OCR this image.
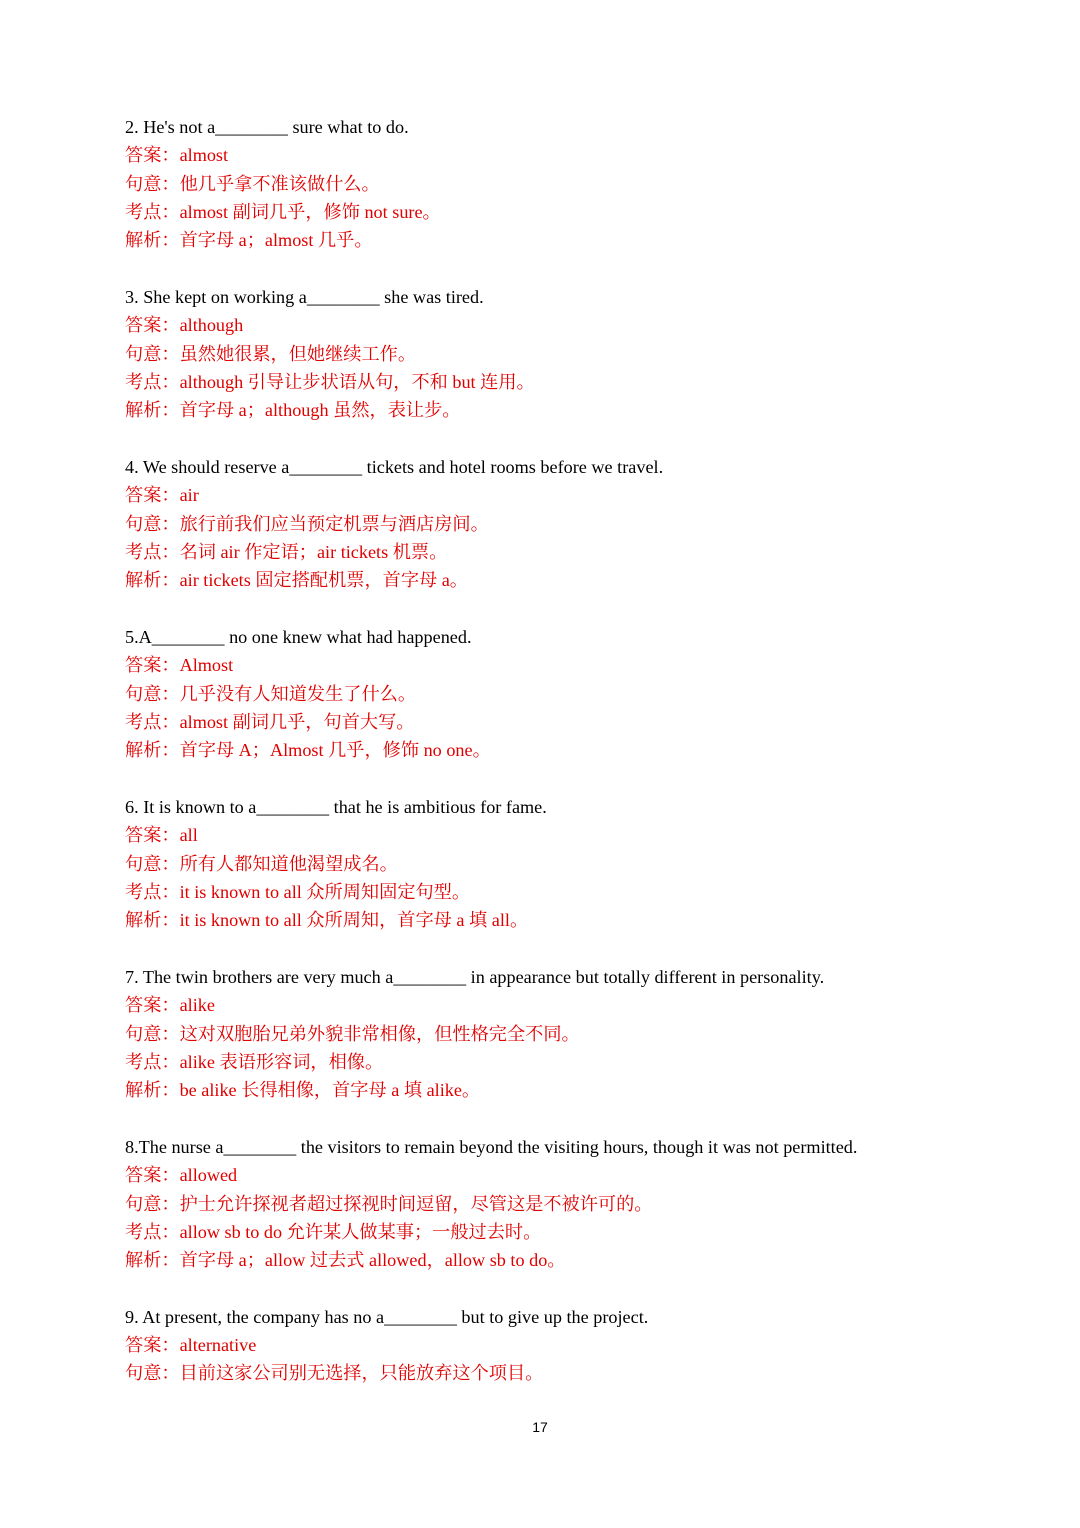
2. He's not a________ sure what to do.
答案：almost
句意：他几乎拿不准该做什么。
考点：almost 副词几乎，修饰 not sure。
解析：首字母 a；almost 几乎。
3. She kept on working a________ she was tired.
答案：although
句意：虽然她很累，但她继续工作。
考点：although 引导让步状语从句，不和 but 连用。
解析：首字母 a；although 虽然，表让步。
4. We should reserve a________ tickets and hotel rooms before we travel.
答案：air
句意：旅行前我们应当预定机票与酒店房间。
考点：名词 air 作定语；air tickets 机票。
解析：air tickets 固定搭配机票，首字母 a。
5.A________ no one knew what had happened.
答案：Almost
句意：几乎没有人知道发生了什么。
考点：almost 副词几乎，句首大写。
解析：首字母 A；Almost 几乎，修饰 no one。
6. It is known to a________ that he is ambitious for fame.
答案：all
句意：所有人都知道他渴望成名。
考点：it is known to all 众所周知固定句型。
解析：it is known to all 众所周知，首字母 a 填 all。
7. The twin brothers are very much a________ in appearance but totally different in personality.
答案：alike
句意：这对双胞胎兄弟外貌非常相像，但性格完全不同。
考点：alike 表语形容词，相像。
解析：be alike 长得相像，首字母 a 填 alike。
8.The nurse a________ the visitors to remain beyond the visiting hours, though it was not permitted.
答案：allowed
句意：护士允许探视者超过探视时间逗留，尽管这是不被许可的。
考点：allow sb to do 允许某人做某事；一般过去时。
解析：首字母 a；allow 过去式 allowed，allow sb to do。
9. At present, the company has no a________ but to give up the project.
答案：alternative
句意：目前这家公司别无选择，只能放弃这个项目。
17
